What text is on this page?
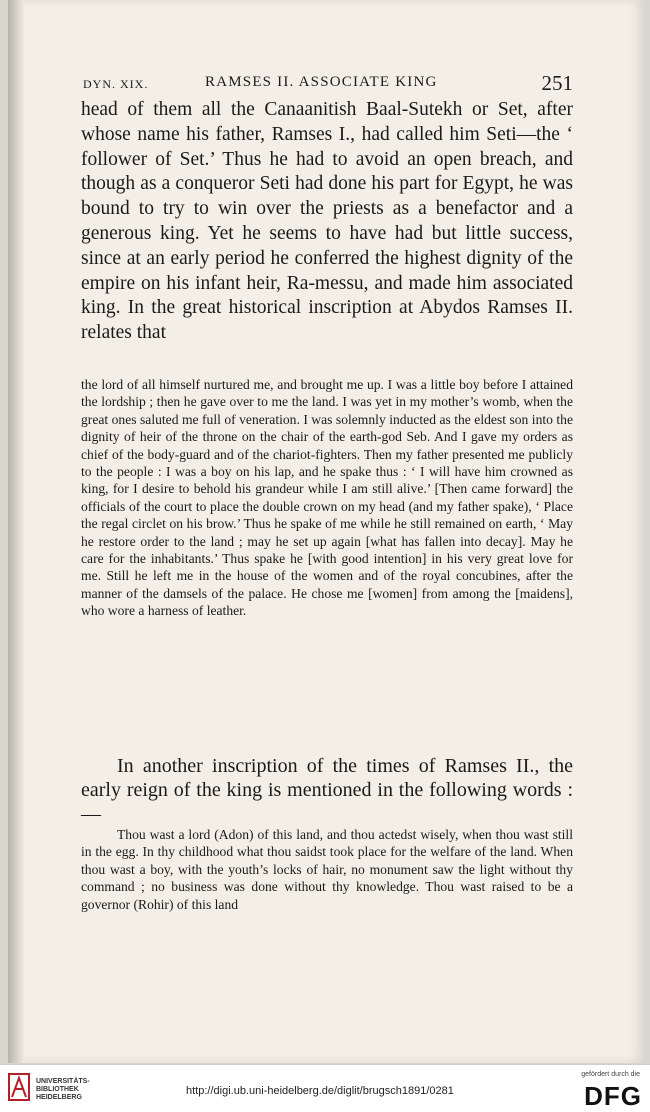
DYN. XIX.	RAMSES II. ASSOCIATE KING	251

head of them all the Canaanitish Baal-Sutekh or Set, after whose name his father, Ramses I., had called him Seti—the ‘ follower of Set.’ Thus he had to avoid an open breach, and though as a conqueror Seti had done his part for Egypt, he was bound to try to win over the priests as a benefactor and a generous king. Yet he seems to have had but little success, since at an early period he conferred the highest dignity of the empire on his infant heir, Ra-messu, and made him associated king. In the great historical inscription at Abydos Ramses II. relates that

the lord of all himself nurtured me, and brought me up. I was a little boy before I attained the lordship ; then he gave over to me the land. I was yet in my mother’s womb, when the great ones saluted me full of veneration. I was solemnly inducted as the eldest son into the dignity of heir of the throne on the chair of the earth-god Seb. And I gave my orders as chief of the body-guard and of the chariot-fighters. Then my father presented me publicly to the people : I was a boy on his lap, and he spake thus : ‘ I will have him crowned as king, for I desire to behold his grandeur while I am still alive.’ [Then came forward] the officials of the court to place the double crown on my head (and my father spake), ‘ Place the regal circlet on his brow.’ Thus he spake of me while he still remained on earth, ‘ May he restore order to the land ; may he set up again [what has fallen into decay]. May he care for the inhabitants.’ Thus spake he [with good intention] in his very great love for me. Still he left me in the house of the women and of the royal concubines, after the manner of the damsels of the palace. He chose me [women] from among the [maidens], who wore a harness of leather.

In another inscription of the times of Ramses II., the early reign of the king is mentioned in the following words :—

Thou wast a lord (Adon) of this land, and thou actedst wisely, when thou wast still in the egg. In thy childhood what thou saidst took place for the welfare of the land. When thou wast a boy, with the youth’s locks of hair, no monument saw the light without thy command ; no business was done without thy knowledge. Thou wast raised to be a governor (Rohir) of this land

UNIVERSITÄTS-
BIBLIOTHEK
HEIDELBERG
http://digi.ub.uni-heidelberg.de/diglit/brugsch1891/0281
gefördert durch die
DFG
